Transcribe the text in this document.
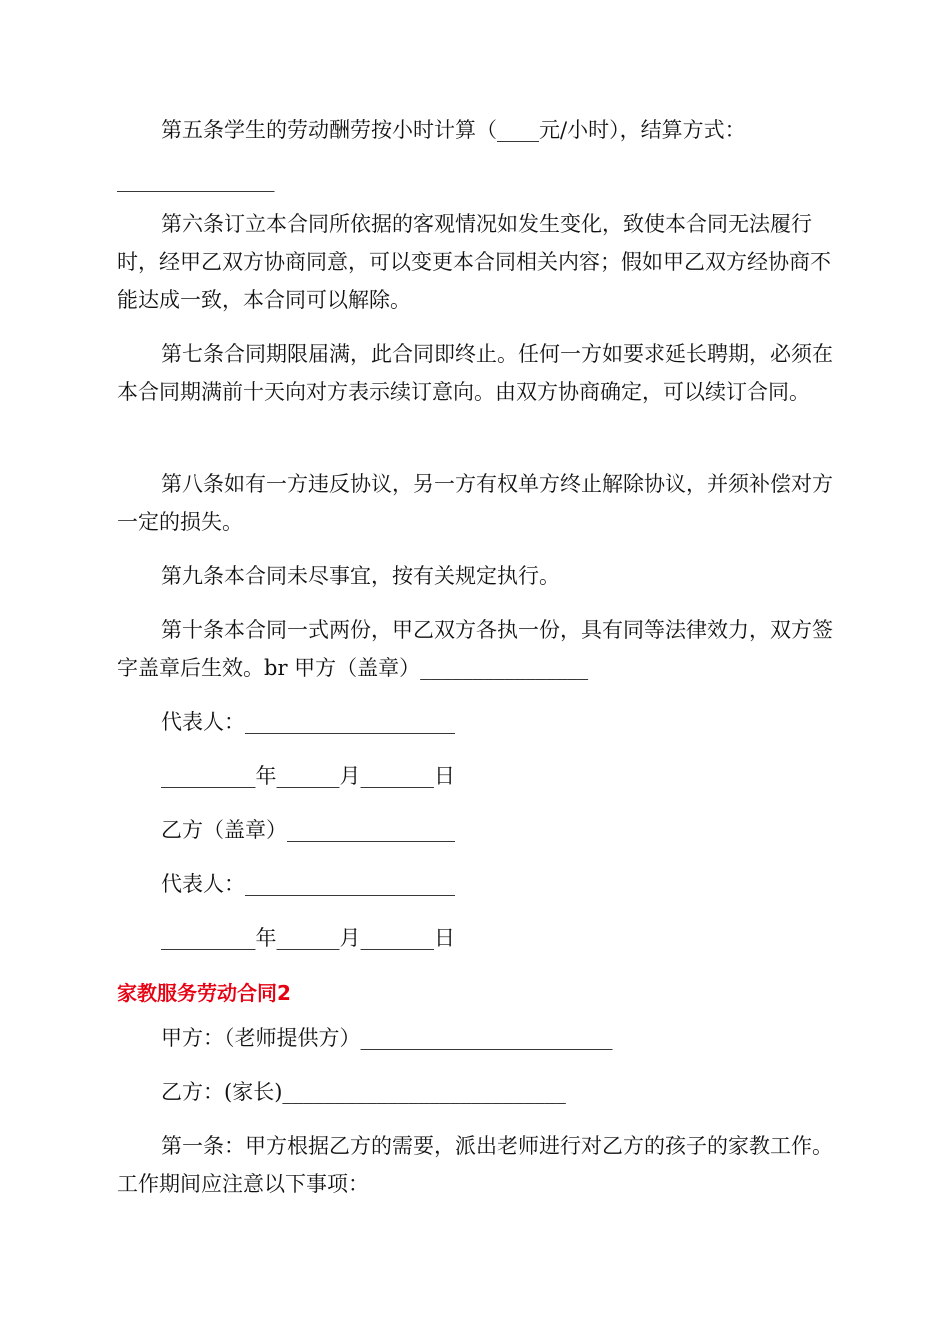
第五条学生的劳动酬劳按小时计算（____元/小时），结算方式：

_______________

第六条订立本合同所依据的客观情况如发生变化，致使本合同无法履行时，经甲乙双方协商同意，可以变更本合同相关内容；假如甲乙双方经协商不能达成一致，本合同可以解除。

第七条合同期限届满，此合同即终止。任何一方如要求延长聘期，必须在本合同期满前十天向对方表示续订意向。由双方协商确定，可以续订合同。

第八条如有一方违反协议，另一方有权单方终止解除协议，并须补偿对方一定的损失。

第九条本合同未尽事宜，按有关规定执行。

第十条本合同一式两份，甲乙双方各执一份，具有同等法律效力，双方签字盖章后生效。br 甲方（盖章）________________

代表人：____________________

_________年______月_______日

乙方（盖章）________________

代表人：____________________

_________年______月_______日

家教服务劳动合同2

甲方：（老师提供方）________________________

乙方：(家长)___________________________

第一条：甲方根据乙方的需要，派出老师进行对乙方的孩子的家教工作。工作期间应注意以下事项：
